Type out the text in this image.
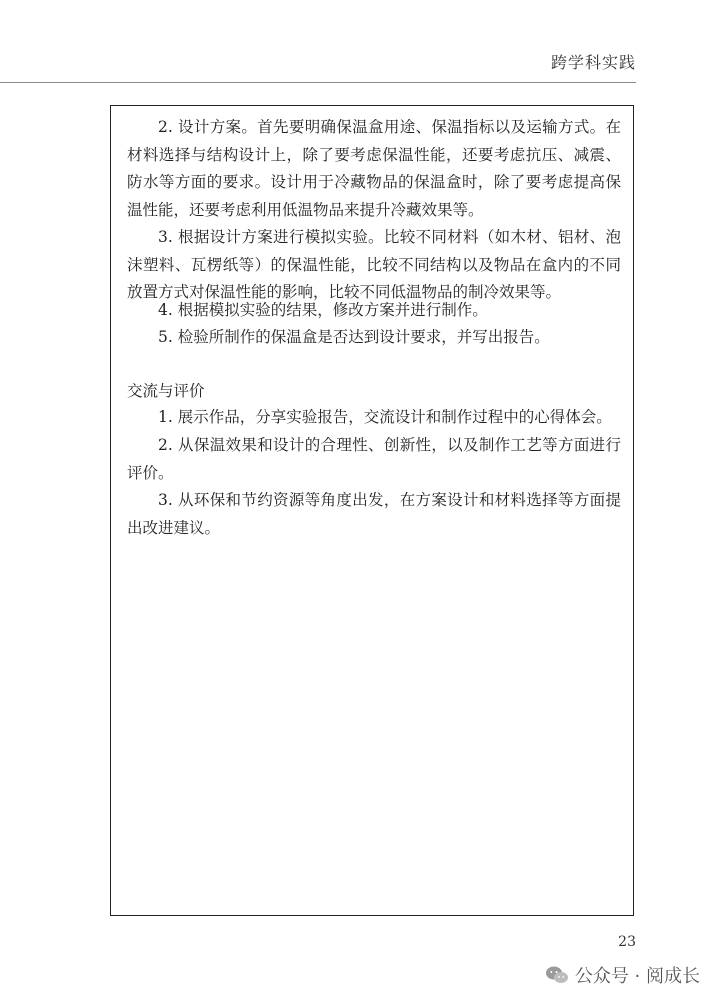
跨学科实践

2. 设计方案。首先要明确保温盒用途、保温指标以及运输方式。在材料选择与结构设计上，除了要考虑保温性能，还要考虑抗压、减震、防水等方面的要求。设计用于冷藏物品的保温盒时，除了要考虑提高保温性能，还要考虑利用低温物品来提升冷藏效果等。

3. 根据设计方案进行模拟实验。比较不同材料（如木材、铝材、泡沫塑料、瓦楞纸等）的保温性能，比较不同结构以及物品在盒内的不同放置方式对保温性能的影响，比较不同低温物品的制冷效果等。

4. 根据模拟实验的结果，修改方案并进行制作。

5. 检验所制作的保温盒是否达到设计要求，并写出报告。

交流与评价

1. 展示作品，分享实验报告，交流设计和制作过程中的心得体会。

2. 从保温效果和设计的合理性、创新性，以及制作工艺等方面进行评价。

3. 从环保和节约资源等角度出发，在方案设计和材料选择等方面提出改进建议。

23
公众号 · 阅成长
